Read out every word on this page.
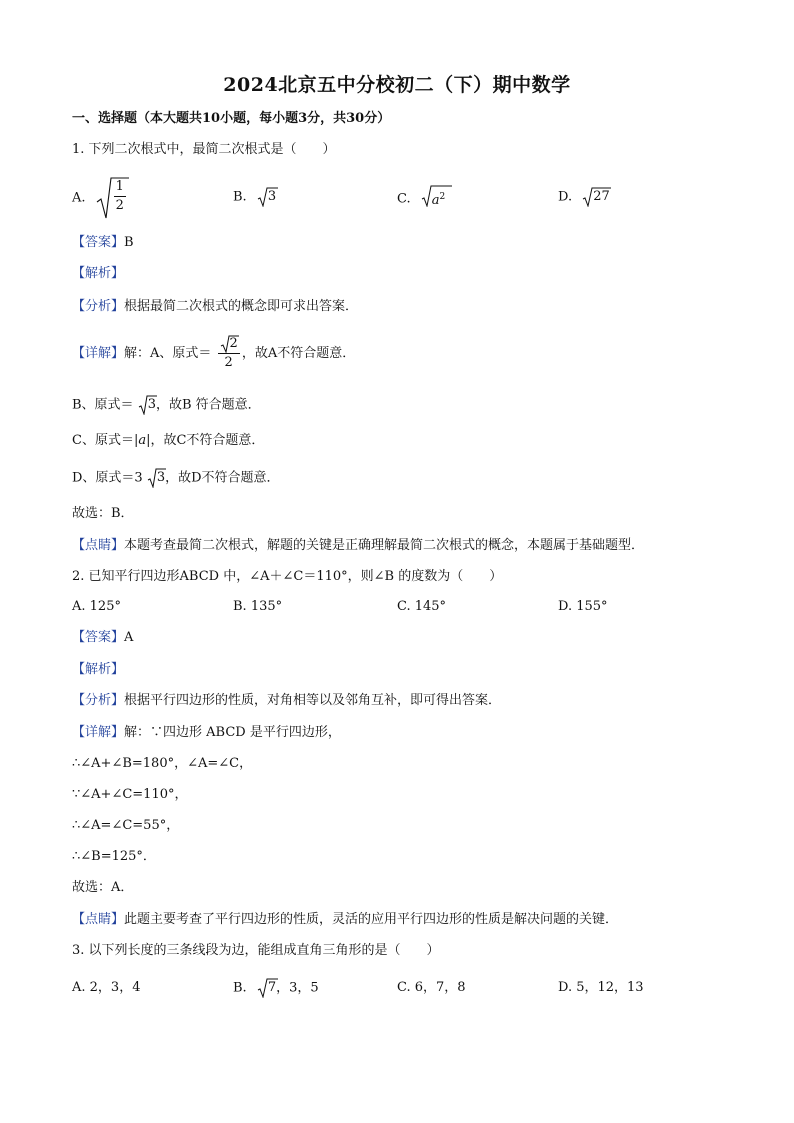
2024北京五中分校初二（下）期中数学
一、选择题（本大题共10小题，每小题3分，共30分）
1. 下列二次根式中，最简二次根式是（　　）
A. $\frac{1}{2}$	B. 3	C. $a^2$	D. 27
【答案】B
【解析】
【分析】根据最简二次根式的概念即可求出答案．
【详解】解：A、原式＝ $\frac{2}{2}$ ，故A不符合题意．
B、原式＝ 3，故B 符合题意．
C、原式＝|a|，故C不符合题意．
D、原式＝3 3，故D不符合题意．
故选：B．
【点睛】本题考查最简二次根式，解题的关键是正确理解最简二次根式的概念，本题属于基础题型．
2. 已知平行四边形ABCD 中，∠A＋∠C＝110°，则∠B 的度数为（　　）
A. 125°	B. 135°	C. 145°	D. 155°
【答案】A
【解析】
【分析】根据平行四边形的性质，对角相等以及邻角互补，即可得出答案．
【详解】解：∵四边形 ABCD 是平行四边形，
∴∠A+∠B=180°，∠A=∠C，
∵∠A+∠C=110°，
∴∠A=∠C=55°，
∴∠B=125°．
故选：A．
【点睛】此题主要考查了平行四边形的性质，灵活的应用平行四边形的性质是解决问题的关键．
3. 以下列长度的三条线段为边，能组成直角三角形的是（　　）
A. 2，3，4	B. 7，3，5	C. 6，7，8	D. 5，12，13
